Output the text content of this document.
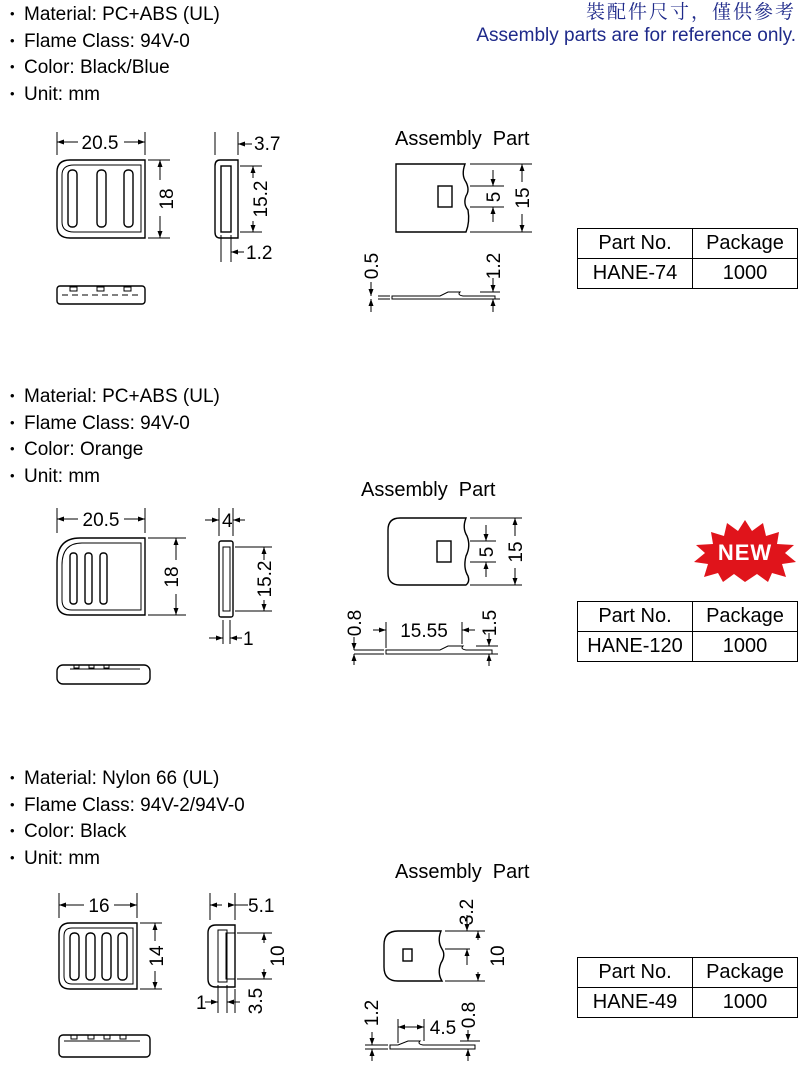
裝配件尺寸，僅供參考
Assembly parts are for reference only.
• Material: PC+ABS (UL)
• Flame Class: 94V-0
• Color: Black/Blue
• Unit: mm
20.5
18
3.7
15.2
1.2
Assembly  Part
5 15
0.5	1.2
Part No.	Package
HANE-74	1000
• Material: PC+ABS (UL)
• Flame Class: 94V-0
• Color: Orange
• Unit: mm
20.5
18
4
15.2
1
Assembly  Part
5 15
0.8 15.55 1.5
NEW
Part No.	Package
HANE-120	1000
• Material: Nylon 66 (UL)
• Flame Class: 94V-2/94V-0
• Color: Black
• Unit: mm
16
14
5.1
10
1 3.5
Assembly  Part
3.2
10
1.2
4.5
0.8
Part No.	Package
HANE-49	1000
